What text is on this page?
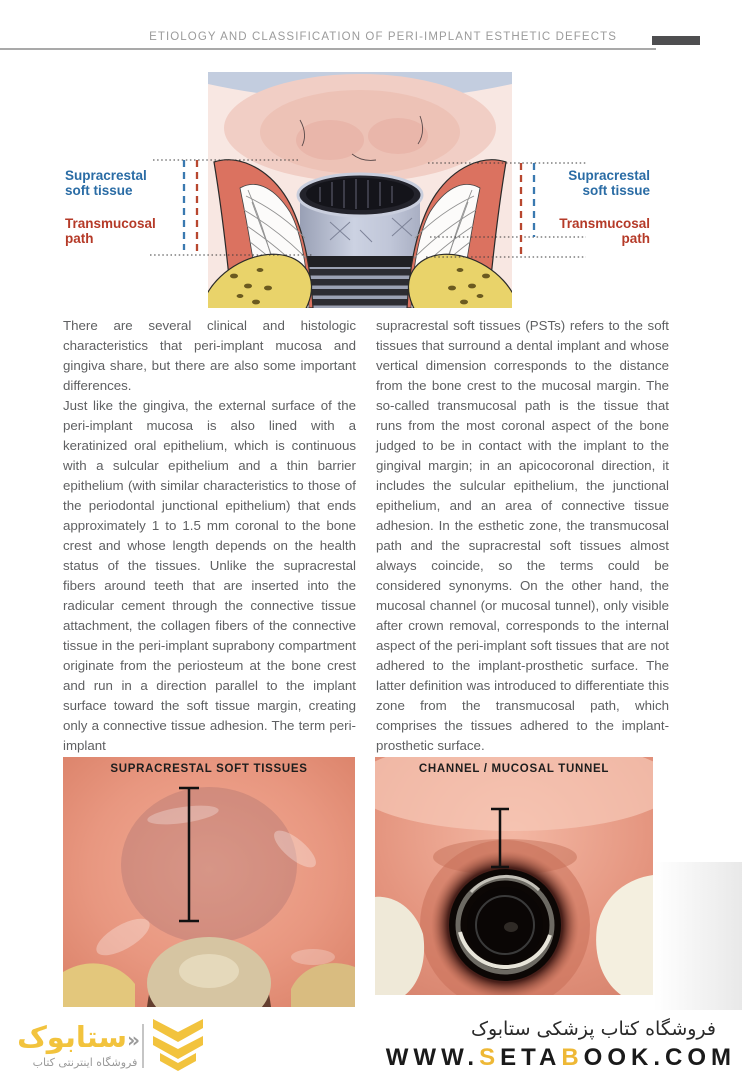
ETIOLOGY AND CLASSIFICATION OF PERI-IMPLANT ESTHETIC DEFECTS
Supracrestal soft tissue
Transmucosal path
Supracrestal soft tissue
Transmucosal path

There are several clinical and histologic characteristics that peri-implant mucosa and gingiva share, but there are also some important differences.

Just like the gingiva, the external surface of the peri-implant mucosa is also lined with a keratinized oral epithelium, which is continuous with a sulcular epithelium and a thin barrier epithelium (with similar characteristics to those of the periodontal junctional epithelium) that ends approximately 1 to 1.5 mm coronal to the bone crest and whose length depends on the health status of the tissues. Unlike the supracrestal fibers around teeth that are inserted into the radicular cement through the connective tissue attachment, the collagen fibers of the connective tissue in the peri-implant suprabony compartment originate from the periosteum at the bone crest and run in a direction parallel to the implant surface toward the soft tissue margin, creating only a connective tissue adhesion. The term peri-implant

supracrestal soft tissues (PSTs) refers to the soft tissues that surround a dental implant and whose vertical dimension corresponds to the distance from the bone crest to the mucosal margin. The so-called transmucosal path is the tissue that runs from the most coronal aspect of the bone judged to be in contact with the implant to the gingival margin; in an apicocoronal direction, it includes the sulcular epithelium, the junctional epithelium, and an area of connective tissue adhesion. In the esthetic zone, the transmucosal path and the supracrestal soft tissues almost always coincide, so the terms could be considered synonyms. On the other hand, the mucosal channel (or mucosal tunnel), only visible after crown removal, corresponds to the internal aspect of the peri-implant soft tissues that are not adhered to the implant-prosthetic surface. The latter definition was introduced to differentiate this zone from the transmucosal path, which comprises the tissues adhered to the implant-prosthetic surface.

SUPRACRESTAL SOFT TISSUES	CHANNEL / MUCOSAL TUNNEL
«ستابوک
فروشگاه اینترنتی کتاب
فروشگاه کتاب پزشکی ستابوک
WWW.SETABOOK.COM
